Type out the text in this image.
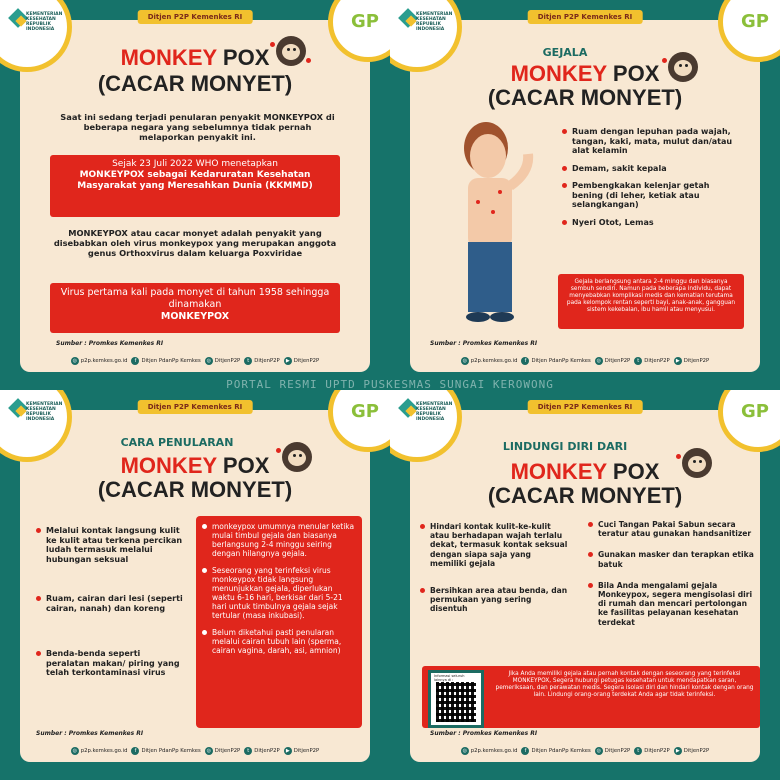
KEMENTERIAN KESEHATAN REPUBLIK INDONESIA	GP
Ditjen P2P Kemenkes RI
MONKEY POX
(CACAR MONYET)
Saat ini sedang terjadi penularan penyakit MONKEYPOX di beberapa negara yang sebelumnya tidak pernah melaporkan penyakit ini.
Sejak 23 Juli 2022 WHO menetapkan
MONKEYPOX sebagai Kedaruratan Kesehatan Masyarakat yang Meresahkan Dunia (KKMMD)
MONKEYPOX atau cacar monyet adalah penyakit yang disebabkan oleh virus monkeypox yang merupakan anggota genus Orthoxvirus dalam keluarga Poxviridae
Virus pertama kali pada monyet di tahun 1958 sehingga dinamakan
MONKEYPOX
Sumber : Promkes Kemenkes RI
◎ p2p.kemkes.go.id	f Ditjen PdanPp Kemkes	◎ DitjenP2P	t DitjenP2P	▶ DitjenP2P
KEMENTERIAN KESEHATAN REPUBLIK INDONESIA	GP
Ditjen P2P Kemenkes RI
GEJALA
MONKEY POX
(CACAR MONYET)
Ruam dengan lepuhan pada wajah, tangan, kaki, mata, mulut dan/atau alat kelamin
Demam, sakit kepala
Pembengkakan kelenjar getah bening (di leher, ketiak atau selangkangan)
Nyeri Otot, Lemas
Gejala berlangsung antara 2-4 minggu dan biasanya sembuh sendiri. Namun pada beberapa individu, dapat menyebabkan komplikasi medis dan kematian terutama pada kelompok rentan seperti bayi, anak-anak, gangguan sistem kekebalan, ibu hamil atau menyusui.
Sumber : Promkes Kemenkes RI
◎ p2p.kemkes.go.id	f Ditjen PdanPp Kemkes	◎ DitjenP2P	t DitjenP2P	▶ DitjenP2P
KEMENTERIAN KESEHATAN REPUBLIK INDONESIA	GP
Ditjen P2P Kemenkes RI
CARA PENULARAN
MONKEY POX
(CACAR MONYET)
Melalui kontak langsung kulit ke kulit atau terkena percikan ludah termasuk melalui hubungan seksual
Ruam, cairan dari lesi (seperti cairan, nanah) dan koreng
Benda-benda seperti peralatan makan/ piring yang telah terkontaminasi virus
monkeypox umumnya menular ketika mulai timbul gejala dan biasanya berlangsung 2-4 minggu seiring dengan hilangnya gejala.
Seseorang yang terinfeksi virus monkeypox tidak langsung menunjukkan gejala, diperlukan waktu 6-16 hari, berkisar dari 5-21 hari untuk timbulnya gejala sejak tertular (masa inkubasi).
Belum diketahui pasti penularan melalui cairan tubuh lain (sperma, cairan vagina, darah, asi, amnion)
Sumber : Promkes Kemenkes RI
◎ p2p.kemkes.go.id	f Ditjen PdanPp Kemkes	◎ DitjenP2P	t DitjenP2P	▶ DitjenP2P
KEMENTERIAN KESEHATAN REPUBLIK INDONESIA	GP
Ditjen P2P Kemenkes RI
LINDUNGI DIRI DARI
MONKEY POX
(CACAR MONYET)
Hindari kontak kulit-ke-kulit atau berhadapan wajah terlalu dekat, termasuk kontak seksual dengan siapa saja yang memiliki gejala
Bersihkan area atau benda, dan permukaan yang sering disentuh
Cuci Tangan Pakai Sabun secara teratur atau gunakan handsanitizer
Gunakan masker dan terapkan etika batuk
Bila Anda mengalami gejala Monkeypox, segera mengisolasi diri di rumah dan mencari pertolongan ke fasilitas pelayanan kesehatan terdekat
Jika Anda memiliki gejala atau pernah kontak dengan seseorang yang terinfeksi MONKEYPOX, Segera hubungi petugas kesehatan untuk mendapatkan saran, pemeriksaan, dan perawatan medis. Segera isolasi diri dan hindari kontak dengan orang lain. Lindungi orang-orang terdekat Anda agar tidak terinfeksi.
Informasi seluruh lainnya di :
Sumber : Promkes Kemenkes RI
◎ p2p.kemkes.go.id	f Ditjen PdanPp Kemkes	◎ DitjenP2P	t DitjenP2P	▶ DitjenP2P
PORTAL RESMI UPTD PUSKESMAS SUNGAI KEROWONG
